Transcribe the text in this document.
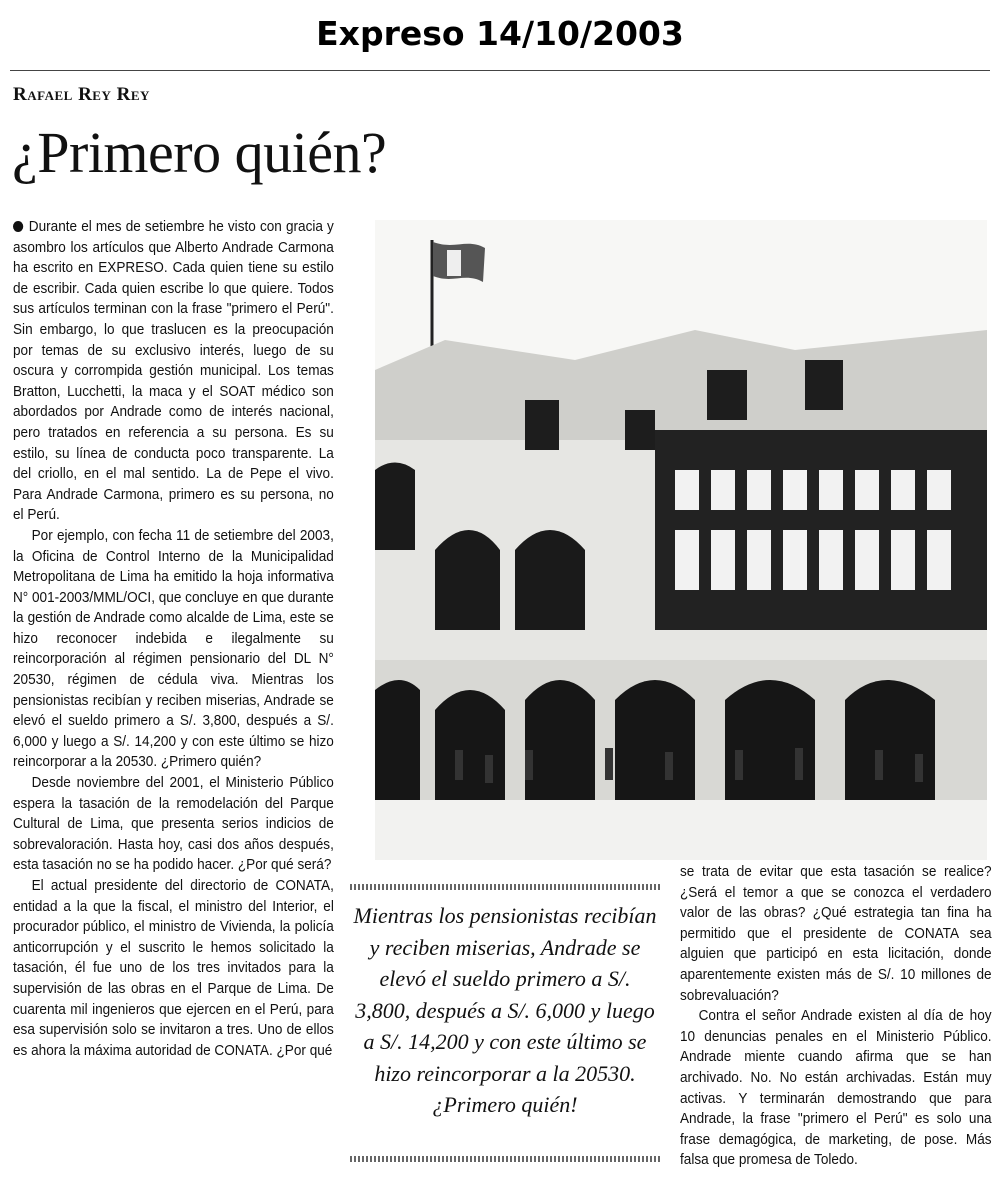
Expreso 14/10/2003
Rafael Rey Rey
¿Primero quién?

Durante el mes de setiembre he visto con gracia y asombro los artículos que Alberto Andrade Carmona ha escrito en EXPRESO. Cada quien tiene su estilo de escribir. Cada quien escribe lo que quiere. Todos sus artículos terminan con la frase "primero el Perú". Sin embargo, lo que traslucen es la preocupación por temas de su exclusivo interés, luego de su oscura y corrompida gestión municipal. Los temas Bratton, Lucchetti, la maca y el SOAT médico son abordados por Andrade como de interés nacional, pero tratados en referencia a su persona. Es su estilo, su línea de conducta poco transparente. La del criollo, en el mal sentido. La de Pepe el vivo. Para Andrade Carmona, primero es su persona, no el Perú.

Por ejemplo, con fecha 11 de setiembre del 2003, la Oficina de Control Interno de la Municipalidad Metropolitana de Lima ha emitido la hoja informativa N° 001-2003/MML/OCI, que concluye en que durante la gestión de Andrade como alcalde de Lima, este se hizo reconocer indebida e ilegalmente su reincorporación al régimen pensionario del DL N° 20530, régimen de cédula viva. Mientras los pensionistas recibían y reciben miserias, Andrade se elevó el sueldo primero a S/. 3,800, después a S/. 6,000 y luego a S/. 14,200 y con este último se hizo reincorporar a la 20530. ¿Primero quién?

Desde noviembre del 2001, el Ministerio Público espera la tasación de la remodelación del Parque Cultural de Lima, que presenta serios indicios de sobrevaloración. Hasta hoy, casi dos años después, esta tasación no se ha podido hacer. ¿Por qué será?

El actual presidente del directorio de CONATA, entidad a la que la fiscal, el ministro del Interior, el procurador público, el ministro de Vivienda, la policía anticorrupción y el suscrito le hemos solicitado la tasación, él fue uno de los tres invitados para la supervisión de las obras en el Parque de Lima. De cuarenta mil ingenieros que ejercen en el Perú, para esa supervisión solo se invitaron a tres. Uno de ellos es ahora la máxima autoridad de CONATA. ¿Por qué

Mientras los pensionistas recibían y reciben miserias, Andrade se elevó el sueldo primero a S/. 3,800, después a S/. 6,000 y luego a S/. 14,200 y con este último se hizo reincorporar a la 20530. ¿Primero quién!

se trata de evitar que esta tasación se realice? ¿Será el temor a que se conozca el verdadero valor de las obras? ¿Qué estrategia tan fina ha permitido que el presidente de CONATA sea alguien que participó en esta licitación, donde aparentemente existen más de S/. 10 millones de sobrevaluación?

Contra el señor Andrade existen al día de hoy 10 denuncias penales en el Ministerio Público. Andrade miente cuando afirma que se han archivado. No. No están archivadas. Están muy activas. Y terminarán demostrando que para Andrade, la frase "primero el Perú" es solo una frase demagógica, de marketing, de pose. Más falsa que promesa de Toledo.
